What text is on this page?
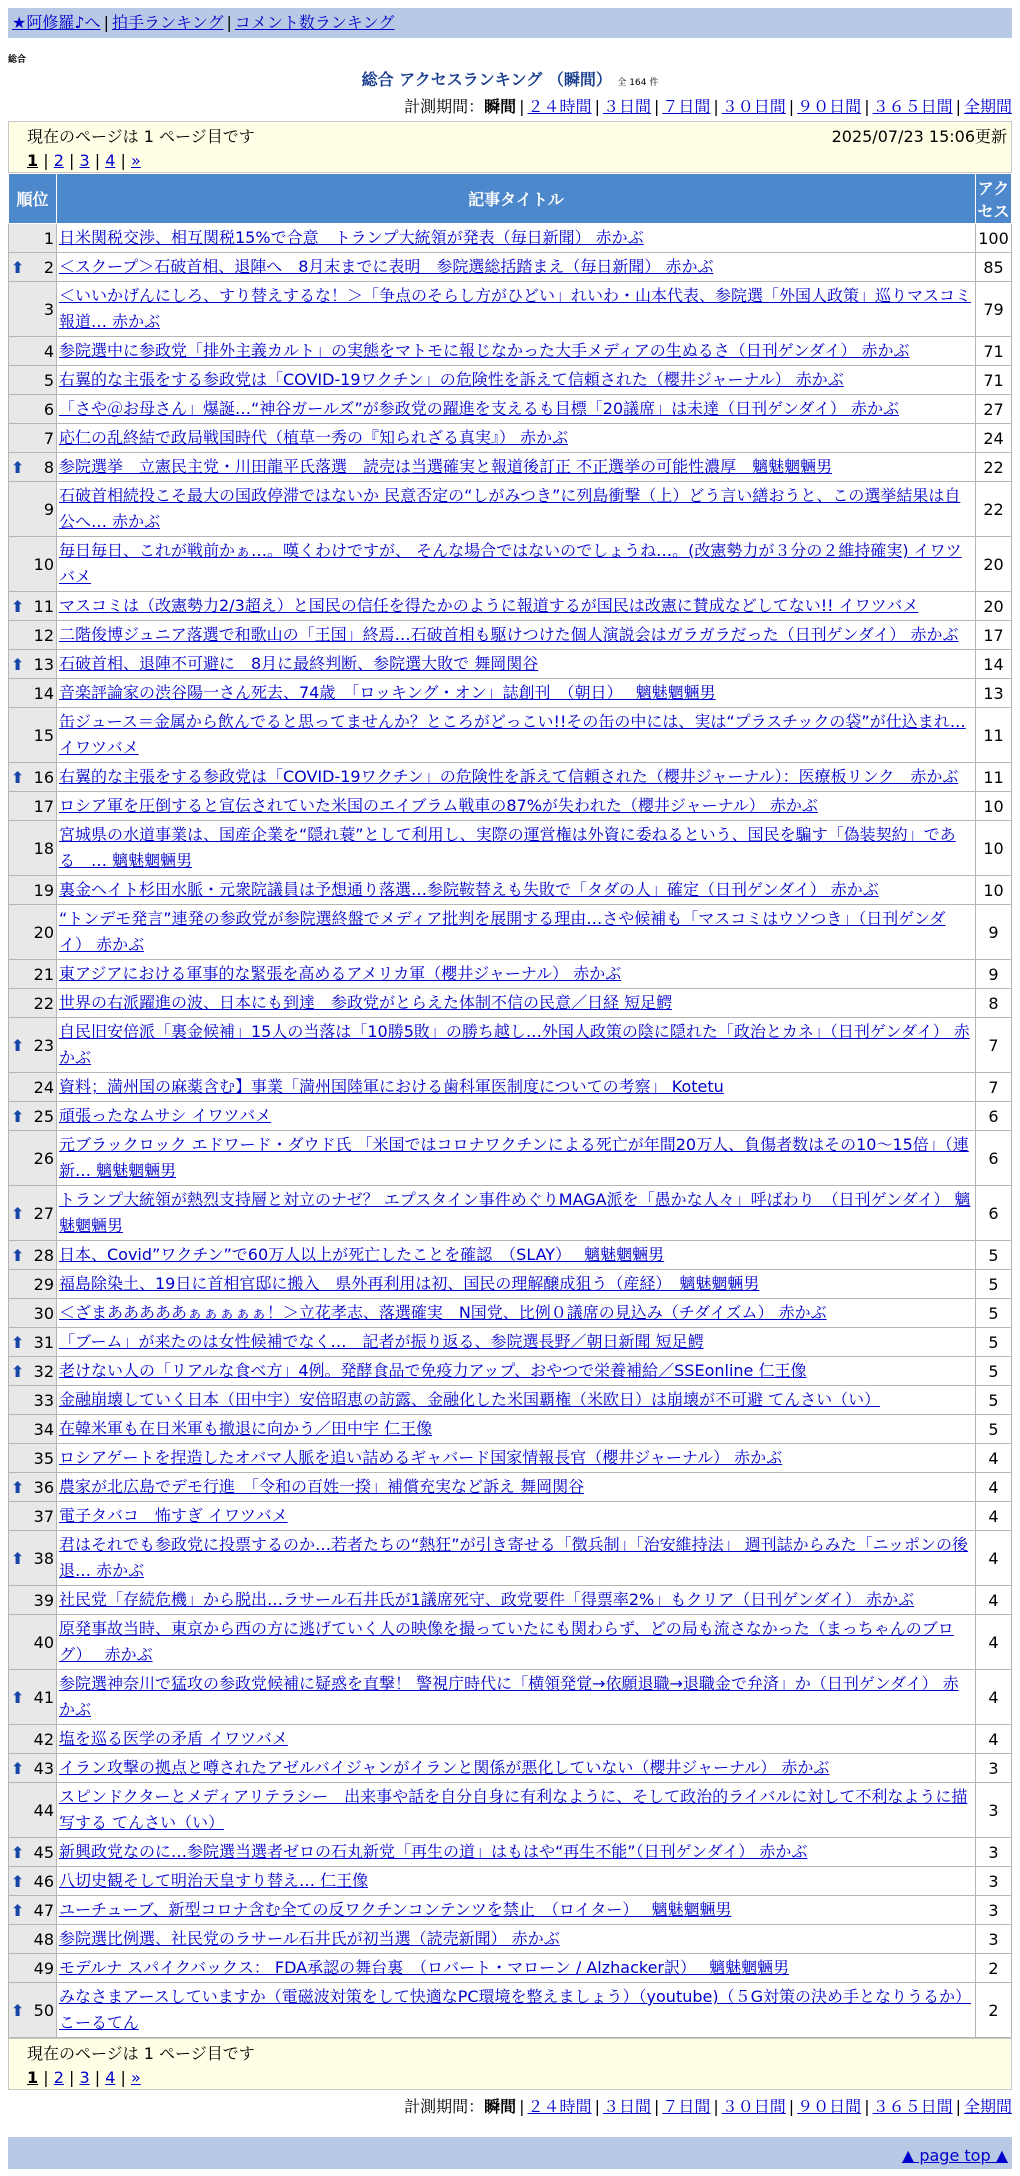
★阿修羅♪へ | 拍手ランキング | コメント数ランキング
総合
総合 アクセスランキング （瞬間） 全 164 件
計測期間：瞬間 | ２４時間 | ３日間 | ７日間 | ３０日間 | ９０日間 | ３６５日間 | 全期間
現在のページは 1 ページ目です	2025/07/23 15:06更新
1 | 2 | 3 | 4 | »
順位	記事タイトル	アクセス
1	日米関税交渉、相互関税15%で合意　トランプ大統領が発表（毎日新聞） 赤かぶ	100

⬆ 2	＜スクープ＞石破首相、退陣へ　8月末までに表明　参院選総括踏まえ（毎日新聞） 赤かぶ	85
3	＜いいかげんにしろ、すり替えするな！＞「争点のそらし方がひどい」れいわ・山本代表、参院選「外国人政策」巡りマスコミ報道… 赤かぶ	79
4	参院選中に参政党「排外主義カルト」の実態をマトモに報じなかった大手メディアの生ぬるさ（日刊ゲンダイ） 赤かぶ	71
5	右翼的な主張をする参政党は「COVID-19ワクチン」の危険性を訴えて信頼された（櫻井ジャーナル） 赤かぶ	71
6	「さや＠お母さん」爆誕…“神谷ガールズ”が参政党の躍進を支えるも目標「20議席」は未達（日刊ゲンダイ） 赤かぶ	27
7	応仁の乱終結で政局戦国時代（植草一秀の『知られざる真実』） 赤かぶ	24

⬆ 8	参院選挙　立憲民主党・川田龍平氏落選　読売は当選確実と報道後訂正 不正選挙の可能性濃厚　魑魅魍魎男	22
9	石破首相続投こそ最大の国政停滞ではないか 民意否定の“しがみつき”に列島衝撃（上）どう言い繕おうと、この選挙結果は自公へ… 赤かぶ	22
10	毎日毎日、これが戦前かぁ…。嘆くわけですが、 そんな場合ではないのでしょうね…。(改憲勢力が３分の２維持確実) イワツバメ	20

⬆ 11	マスコミは（改憲勢力2/3超え）と国民の信任を得たかのように報道するが国民は改憲に賛成などしてない!! イワツバメ	20
12	二階俊博ジュニア落選で和歌山の「王国」終焉…石破首相も駆けつけた個人演説会はガラガラだった（日刊ゲンダイ） 赤かぶ	17

⬆ 13	石破首相、退陣不可避に　8月に最終判断、参院選大敗で 舞岡関谷	14
14	音楽評論家の渋谷陽一さん死去、74歳　「ロッキング・オン」誌創刊　（朝日）　 魑魅魍魎男	13
15	缶ジュース＝金属から飲んでると思ってませんか？ところがどっこい!!その缶の中には、実は“プラスチックの袋”が仕込まれ… イワツバメ	11

⬆ 16	右翼的な主張をする参政党は「COVID-19ワクチン」の危険性を訴えて信頼された（櫻井ジャーナル）：医療板リンク　赤かぶ	11
17	ロシア軍を圧倒すると宣伝されていた米国のエイブラム戦車の87%が失われた（櫻井ジャーナル） 赤かぶ	10
18	宮城県の水道事業は、国産企業を“隠れ蓑”として利用し、実際の運営権は外資に委ねるという、国民を騙す「偽装契約」である　… 魑魅魍魎男	10
19	裏金ヘイト杉田水脈・元衆院議員は予想通り落選…参院鞍替えも失敗で「タダの人」確定（日刊ゲンダイ） 赤かぶ	10
20	“トンデモ発言”連発の参政党が参院選終盤でメディア批判を展開する理由…さや候補も「マスコミはウソつき」（日刊ゲンダイ） 赤かぶ	9
21	東アジアにおける軍事的な緊張を高めるアメリカ軍（櫻井ジャーナル） 赤かぶ	9
22	世界の右派躍進の波、日本にも到達　参政党がとらえた体制不信の民意／日経 短足鰐	8

⬆ 23	自民旧安倍派「裏金候補」15人の当落は「10勝5敗」の勝ち越し…外国人政策の陰に隠れた「政治とカネ」（日刊ゲンダイ） 赤かぶ	7
24	資料；満州国の麻薬含む】事業「満州国陸軍における歯科軍医制度についての考察」 Kotetu	7

⬆ 25	頑張ったなムサシ イワツバメ	6
26	元ブラックロック エドワード・ダウド氏 「米国ではコロナワクチンによる死亡が年間20万人、負傷者数はその10～15倍」（連新… 魑魅魍魎男	6

⬆ 27	トランプ大統領が熱烈支持層と対立のナゼ？ エプスタイン事件めぐりMAGA派を「愚かな人々」呼ばわり　（日刊ゲンダイ） 魑魅魍魎男	6

⬆ 28	日本、Covid”ワクチン”で60万人以上が死亡したことを確認　（SLAY）　 魑魅魍魎男	5
29	福島除染土、19日に首相官邸に搬入　県外再利用は初、国民の理解醸成狙う（産経）　魑魅魍魎男	5
30	＜ざまあああああぁぁぁぁぁ！＞立花孝志、落選確実　N国党、比例０議席の見込み（チダイズム） 赤かぶ	5

⬆ 31	「ブーム」が来たのは女性候補でなく…　記者が振り返る、参院選長野／朝日新聞 短足鰐	5

⬆ 32	老けない人の「リアルな食べ方」4例。発酵食品で免疫力アップ、おやつで栄養補給／SSEonline 仁王像	5
33	金融崩壊していく日本（田中宇）安倍昭恵の訪露、金融化した米国覇権（米欧日）は崩壊が不可避 てんさい（い）	5
34	在韓米軍も在日米軍も撤退に向かう／田中宇 仁王像	5
35	ロシアゲートを捏造したオバマ人脈を追い詰めるギャバード国家情報長官（櫻井ジャーナル） 赤かぶ	4

⬆ 36	農家が北広島でデモ行進　「令和の百姓一揆」補償充実など訴え 舞岡関谷	4
37	電子タバコ　怖すぎ イワツバメ	4

⬆ 38	君はそれでも参政党に投票するのか…若者たちの“熱狂”が引き寄せる「徴兵制」「治安維持法」 週刊誌からみた「ニッポンの後退… 赤かぶ	4
39	社民党「存続危機」から脱出…ラサール石井氏が1議席死守、政党要件「得票率2%」もクリア（日刊ゲンダイ） 赤かぶ	4
40	原発事故当時、東京から西の方に逃げていく人の映像を撮っていたにも関わらず、どの局も流さなかった（まっちゃんのブログ）　 赤かぶ	4

⬆ 41	参院選神奈川で猛攻の参政党候補に疑惑を直撃！ 警視庁時代に「横領発覚→依願退職→退職金で弁済」か（日刊ゲンダイ） 赤かぶ	4
42	塩を巡る医学の矛盾 イワツバメ	4

⬆ 43	イラン攻撃の拠点と噂されたアゼルバイジャンがイランと関係が悪化していない（櫻井ジャーナル） 赤かぶ	3
44	スピンドクターとメディアリテラシー　出来事や話を自分自身に有利なように、そして政治的ライバルに対して不利なように描写する てんさい（い）	3

⬆ 45	新興政党なのに…参院選当選者ゼロの石丸新党「再生の道」はもはや“再生不能”（日刊ゲンダイ） 赤かぶ	3

⬆ 46	八切史観そして明治天皇すり替え… 仁王像	3

⬆ 47	ユーチューブ、新型コロナ含む全ての反ワクチンコンテンツを禁止　（ロイター）　 魑魅魍魎男	3
48	参院選比例選、社民党のラサール石井氏が初当選（読売新聞） 赤かぶ	3
49	モデルナ スパイクバックス： FDA承認の舞台裏　（ロバート・マローン / Alzhacker訳）　 魑魅魍魎男	2

⬆ 50	みなさまアースしていますか（電磁波対策をして快適なPC環境を整えましょう）（youtube)（５G対策の決め手となりうるか） こーるてん	2
現在のページは 1 ページ目です
1 | 2 | 3 | 4 | »
計測期間：瞬間 | ２４時間 | ３日間 | ７日間 | ３０日間 | ９０日間 | ３６５日間 | 全期間
▲ page top ▲
